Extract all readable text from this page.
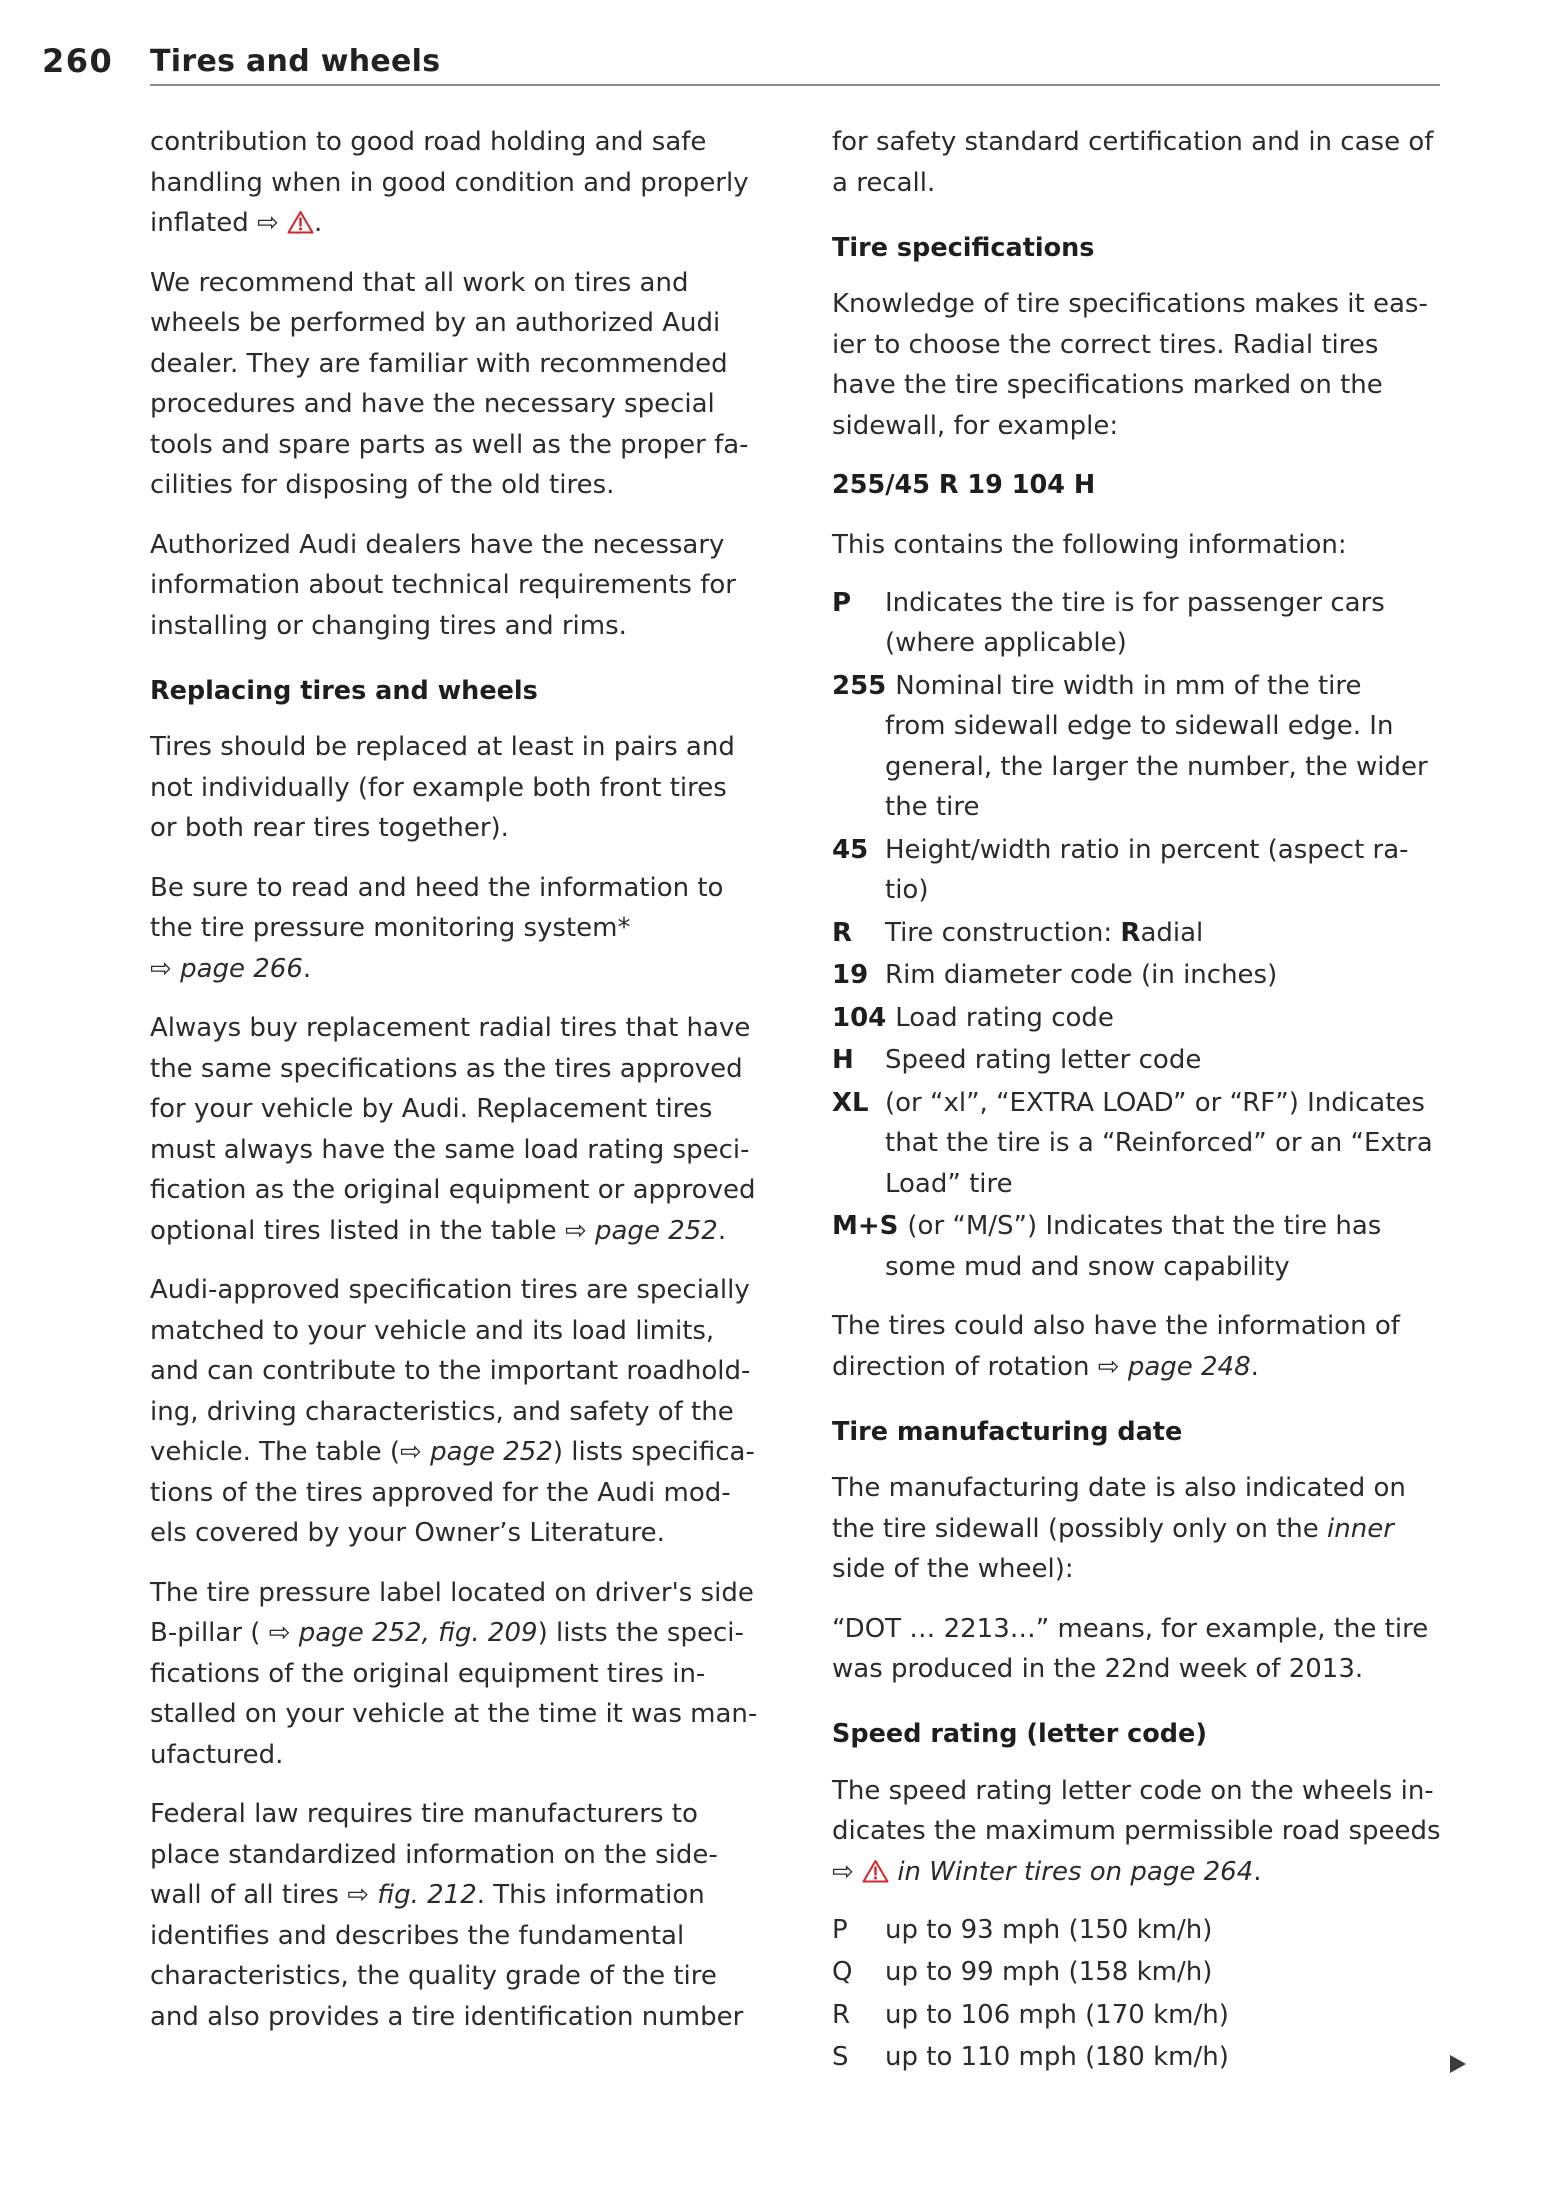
260 Tires and wheels
contribution to good road holding and safe
handling when in good condition and properly
inflated ⇨
.
We recommend that all work on tires and
wheels be performed by an authorized Audi
dealer. They are familiar with recommended
procedures and have the necessary special
tools and spare parts as well as the proper fa-
cilities for disposing of the old tires.
Authorized Audi dealers have the necessary
information about technical requirements for
installing or changing tires and rims.
Replacing tires and wheels
Tires should be replaced at least in pairs and
not individually (for example both front tires
or both rear tires together).
Be sure to read and heed the information to
the tire pressure monitoring system*
⇨ page 266.
Always buy replacement radial tires that have
the same specifications as the tires approved
for your vehicle by Audi. Replacement tires
must always have the same load rating speci-
fication as the original equipment or approved
optional tires listed in the table ⇨ page 252.
Audi-approved specification tires are specially
matched to your vehicle and its load limits,
and can contribute to the important roadhold-
ing, driving characteristics, and safety of the
vehicle. The table (⇨ page 252) lists specifica-
tions of the tires approved for the Audi mod-
els covered by your Owner’s Literature.
The tire pressure label located on driver's side
B-pillar ( ⇨ page 252, fig. 209) lists the speci-
fications of the original equipment tires in-
stalled on your vehicle at the time it was man-
ufactured.
Federal law requires tire manufacturers to
place standardized information on the side-
wall of all tires ⇨ fig. 212. This information
identifies and describes the fundamental
characteristics, the quality grade of the tire
and also provides a tire identification number
for safety standard certification and in case of
a recall.
Tire specifications
Knowledge of tire specifications makes it eas-
ier to choose the correct tires. Radial tires
have the tire specifications marked on the
sidewall, for example:
255/45 R 19 104 H
This contains the following information:
P Indicates the tire is for passenger cars
(where applicable)
255 Nominal tire width in mm of the tire
from sidewall edge to sidewall edge. In
general, the larger the number, the wider
the tire
45 Height/width ratio in percent (aspect ra-
tio)
R Tire construction: Radial
19 Rim diameter code (in inches)
104 Load rating code
H Speed rating letter code
XL (or “xl”, “EXTRA LOAD” or “RF”) Indicates
that the tire is a “Reinforced” or an “Extra
Load” tire
M+S (or “M/S”) Indicates that the tire has
some mud and snow capability
The tires could also have the information of
direction of rotation ⇨ page 248.
Tire manufacturing date
The manufacturing date is also indicated on
the tire sidewall (possibly only on the inner
side of the wheel):
“DOT … 2213…” means, for example, the tire
was produced in the 22nd week of 2013.
Speed rating (letter code)
The speed rating letter code on the wheels in-
dicates the maximum permissible road speeds
⇨
in Winter tires on page 264.
P up to 93 mph (150 km/h)
Q up to 99 mph (158 km/h)
R up to 106 mph (170 km/h)
S up to 110 mph (180 km/h)
